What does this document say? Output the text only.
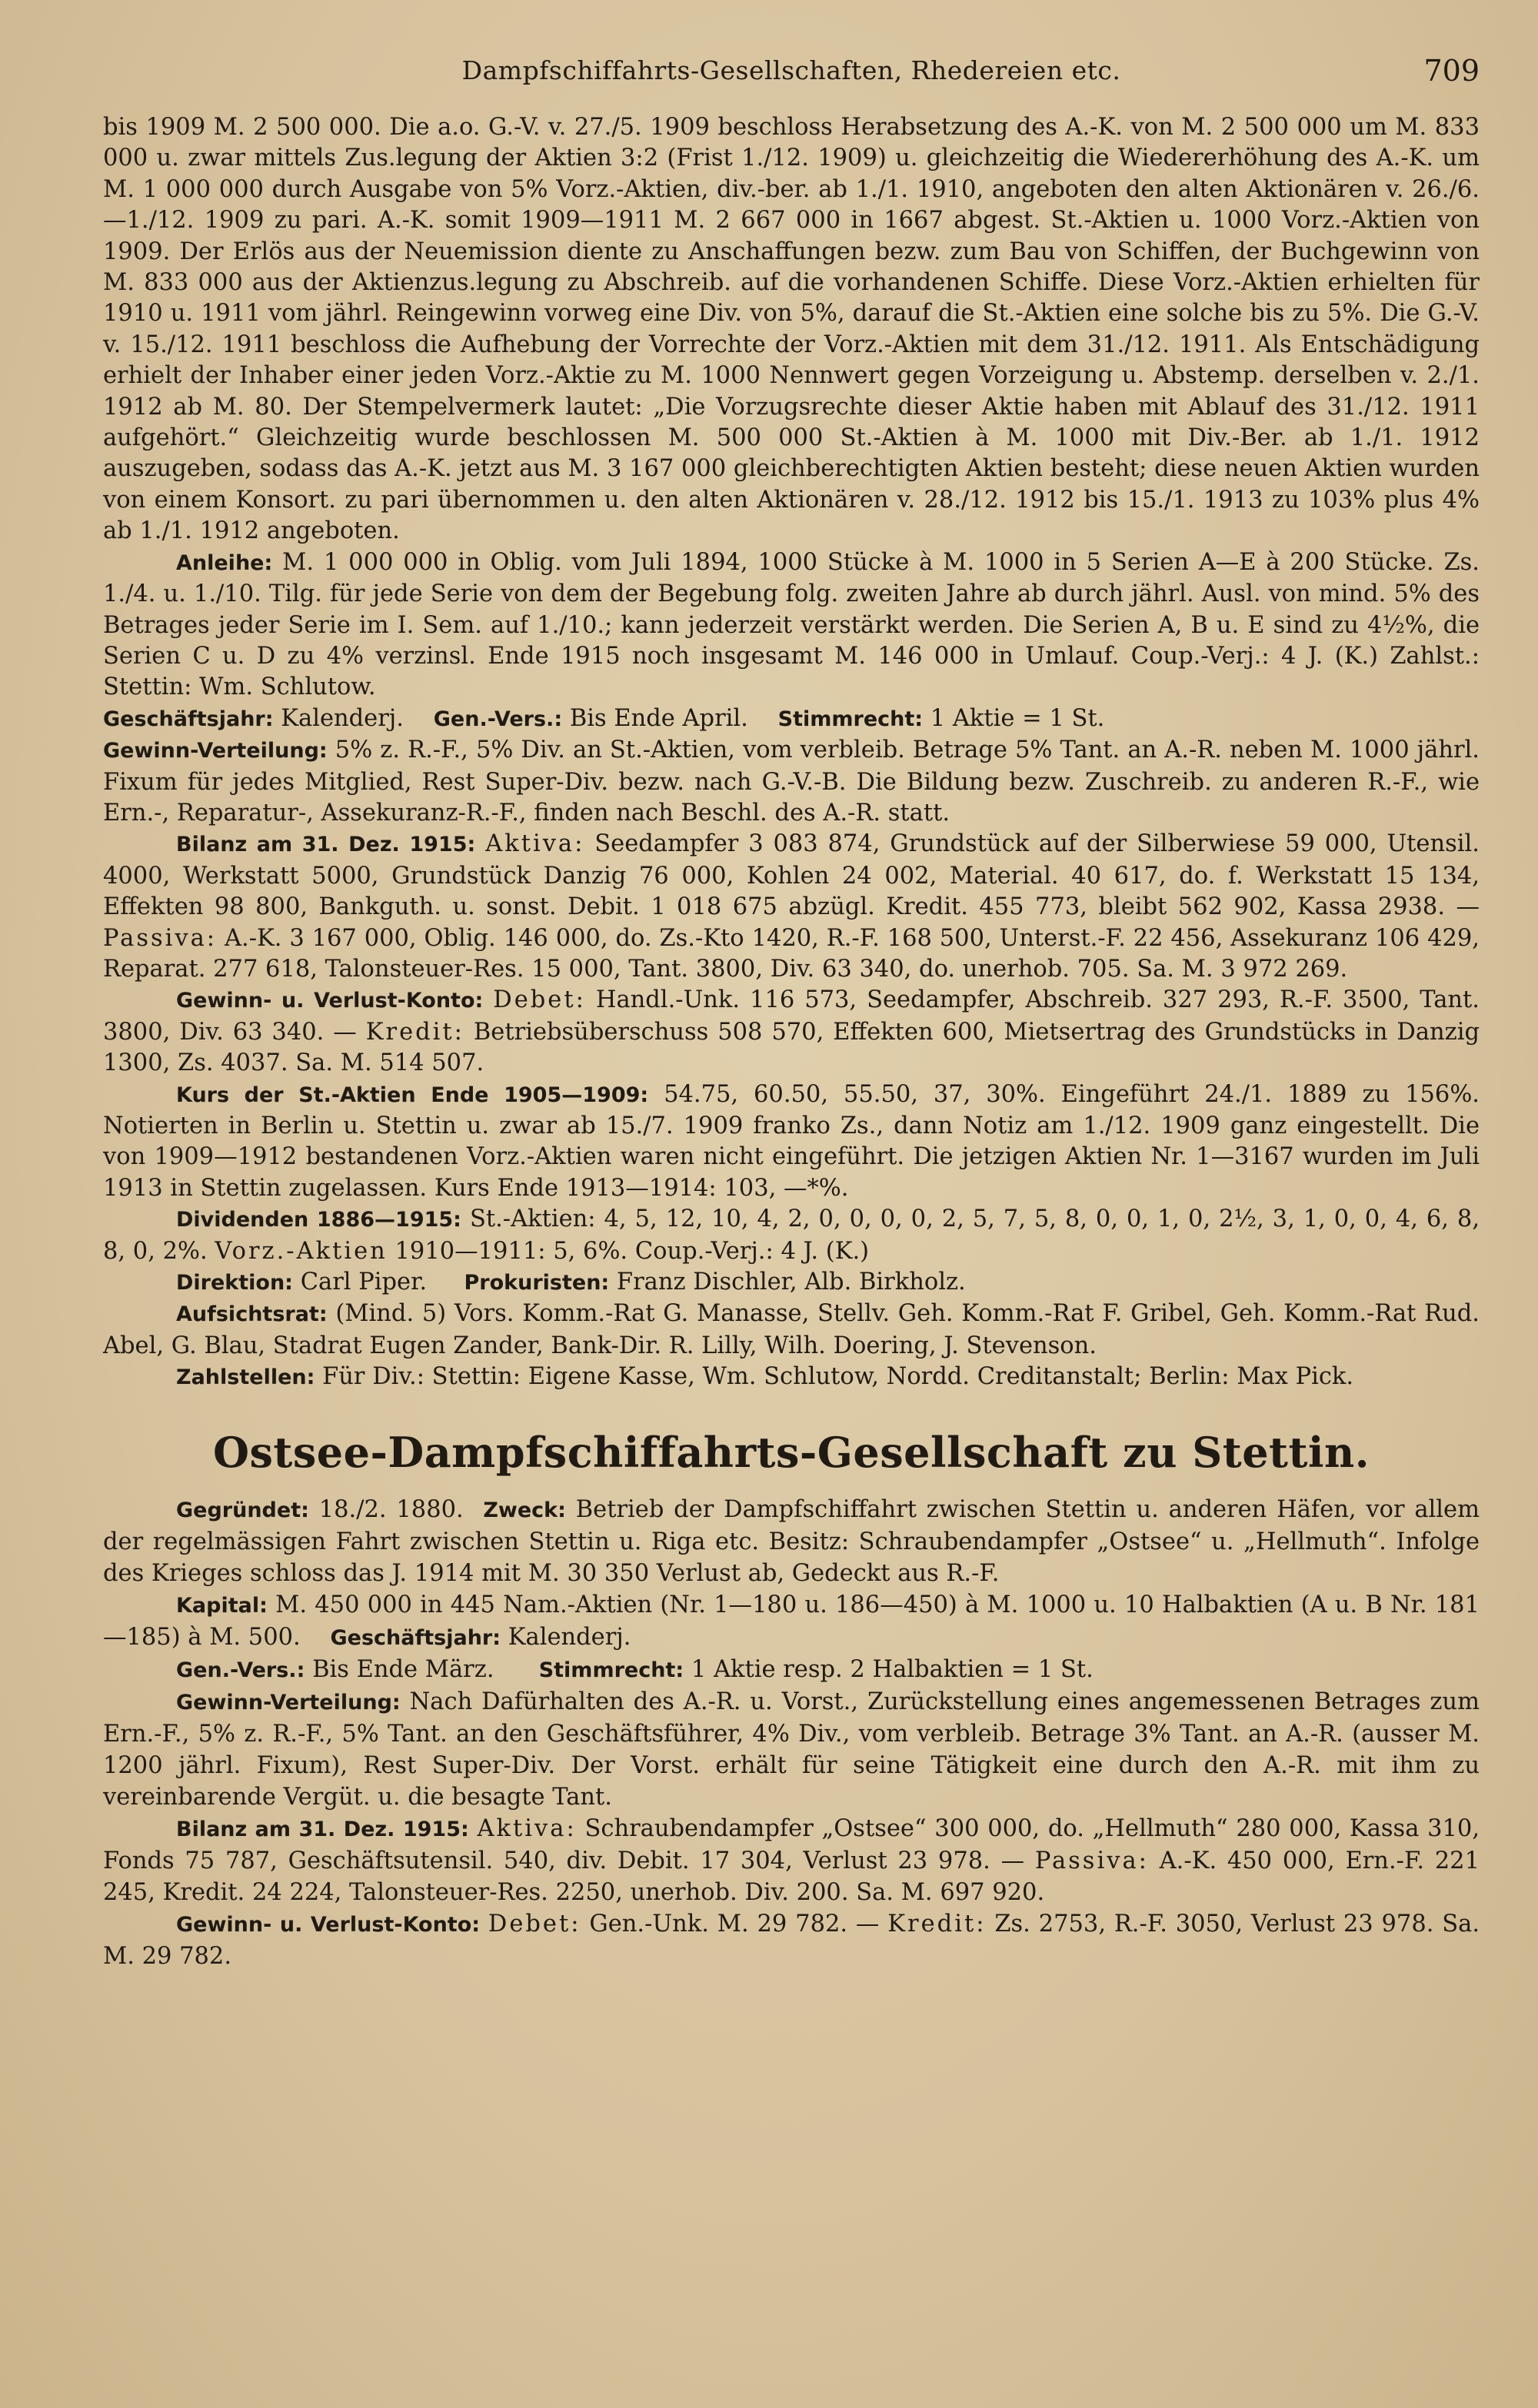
Dampfschiffahrts-Gesellschaften, Rhedereien etc.	709

bis 1909 M. 2 500 000. Die a.o. G.-V. v. 27./5. 1909 beschloss Herabsetzung des A.-K. von M. 2 500 000 um M. 833 000 u. zwar mittels Zus.legung der Aktien 3:2 (Frist 1./12. 1909) u. gleichzeitig die Wiedererhöhung des A.-K. um M. 1 000 000 durch Ausgabe von 5% Vorz.-Aktien, div.-ber. ab 1./1. 1910, angeboten den alten Aktionären v. 26./6.—1./12. 1909 zu pari. A.-K. somit 1909—1911 M. 2 667 000 in 1667 abgest. St.-Aktien u. 1000 Vorz.-Aktien von 1909. Der Erlös aus der Neuemission diente zu Anschaffungen bezw. zum Bau von Schiffen, der Buchgewinn von M. 833 000 aus der Aktienzus.legung zu Abschreib. auf die vorhandenen Schiffe. Diese Vorz.-Aktien erhielten für 1910 u. 1911 vom jährl. Reingewinn vorweg eine Div. von 5%, darauf die St.-Aktien eine solche bis zu 5%. Die G.-V. v. 15./12. 1911 beschloss die Aufhebung der Vorrechte der Vorz.-Aktien mit dem 31./12. 1911. Als Entschädigung erhielt der Inhaber einer jeden Vorz.-Aktie zu M. 1000 Nennwert gegen Vorzeigung u. Abstemp. derselben v. 2./1. 1912 ab M. 80. Der Stempelvermerk lautet: „Die Vorzugsrechte dieser Aktie haben mit Ablauf des 31./12. 1911 aufgehört.“ Gleichzeitig wurde beschlossen M. 500 000 St.-Aktien à M. 1000 mit Div.-Ber. ab 1./1. 1912 auszugeben, sodass das A.-K. jetzt aus M. 3 167 000 gleichberechtigten Aktien besteht; diese neuen Aktien wurden von einem Konsort. zu pari übernommen u. den alten Aktionären v. 28./12. 1912 bis 15./1. 1913 zu 103% plus 4% ab 1./1. 1912 angeboten.

Anleihe: M. 1 000 000 in Oblig. vom Juli 1894, 1000 Stücke à M. 1000 in 5 Serien A—E à 200 Stücke. Zs. 1./4. u. 1./10. Tilg. für jede Serie von dem der Begebung folg. zweiten Jahre ab durch jährl. Ausl. von mind. 5% des Betrages jeder Serie im I. Sem. auf 1./10.; kann jederzeit verstärkt werden. Die Serien A, B u. E sind zu 4½%, die Serien C u. D zu 4% verzinsl. Ende 1915 noch insgesamt M. 146 000 in Umlauf. Coup.-Verj.: 4 J. (K.) Zahlst.: Stettin: Wm. Schlutow.

Geschäftsjahr: Kalenderj. Gen.-Vers.: Bis Ende April. Stimmrecht: 1 Aktie = 1 St.

Gewinn-Verteilung: 5% z. R.-F., 5% Div. an St.-Aktien, vom verbleib. Betrage 5% Tant. an A.-R. neben M. 1000 jährl. Fixum für jedes Mitglied, Rest Super-Div. bezw. nach G.-V.-B. Die Bildung bezw. Zuschreib. zu anderen R.-F., wie Ern.-, Reparatur-, Assekuranz-R.-F., finden nach Beschl. des A.-R. statt.

Bilanz am 31. Dez. 1915: Aktiva: Seedampfer 3 083 874, Grundstück auf der Silberwiese 59 000, Utensil. 4000, Werkstatt 5000, Grundstück Danzig 76 000, Kohlen 24 002, Material. 40 617, do. f. Werkstatt 15 134, Effekten 98 800, Bankguth. u. sonst. Debit. 1 018 675 abzügl. Kredit. 455 773, bleibt 562 902, Kassa 2938. — Passiva: A.-K. 3 167 000, Oblig. 146 000, do. Zs.-Kto 1420, R.-F. 168 500, Unterst.-F. 22 456, Assekuranz 106 429, Reparat. 277 618, Talonsteuer-Res. 15 000, Tant. 3800, Div. 63 340, do. unerhob. 705. Sa. M. 3 972 269.

Gewinn- u. Verlust-Konto: Debet: Handl.-Unk. 116 573, Seedampfer, Abschreib. 327 293, R.-F. 3500, Tant. 3800, Div. 63 340. — Kredit: Betriebsüberschuss 508 570, Effekten 600, Mietsertrag des Grundstücks in Danzig 1300, Zs. 4037. Sa. M. 514 507.

Kurs der St.-Aktien Ende 1905—1909: 54.75, 60.50, 55.50, 37, 30%. Eingeführt 24./1. 1889 zu 156%. Notierten in Berlin u. Stettin u. zwar ab 15./7. 1909 franko Zs., dann Notiz am 1./12. 1909 ganz eingestellt. Die von 1909—1912 bestandenen Vorz.-Aktien waren nicht eingeführt. Die jetzigen Aktien Nr. 1—3167 wurden im Juli 1913 in Stettin zugelassen. Kurs Ende 1913—1914: 103, —*%.

Dividenden 1886—1915: St.-Aktien: 4, 5, 12, 10, 4, 2, 0, 0, 0, 0, 2, 5, 7, 5, 8, 0, 0, 1, 0, 2½, 3, 1, 0, 0, 4, 6, 8, 8, 0, 2%. Vorz.-Aktien 1910—1911: 5, 6%. Coup.-Verj.: 4 J. (K.)

Direktion: Carl Piper. Prokuristen: Franz Dischler, Alb. Birkholz.

Aufsichtsrat: (Mind. 5) Vors. Komm.-Rat G. Manasse, Stellv. Geh. Komm.-Rat F. Gribel, Geh. Komm.-Rat Rud. Abel, G. Blau, Stadrat Eugen Zander, Bank-Dir. R. Lilly, Wilh. Doering, J. Stevenson.

Zahlstellen: Für Div.: Stettin: Eigene Kasse, Wm. Schlutow, Nordd. Creditanstalt; Berlin: Max Pick.

Ostsee-Dampfschiffahrts-Gesellschaft zu Stettin.

Gegründet: 18./2. 1880. Zweck: Betrieb der Dampfschiffahrt zwischen Stettin u. anderen Häfen, vor allem der regelmässigen Fahrt zwischen Stettin u. Riga etc. Besitz: Schraubendampfer „Ostsee“ u. „Hellmuth“. Infolge des Krieges schloss das J. 1914 mit M. 30 350 Verlust ab, Gedeckt aus R.-F.

Kapital: M. 450 000 in 445 Nam.-Aktien (Nr. 1—180 u. 186—450) à M. 1000 u. 10 Halbaktien (A u. B Nr. 181—185) à M. 500. Geschäftsjahr: Kalenderj.

Gen.-Vers.: Bis Ende März. Stimmrecht: 1 Aktie resp. 2 Halbaktien = 1 St.

Gewinn-Verteilung: Nach Dafürhalten des A.-R. u. Vorst., Zurückstellung eines angemessenen Betrages zum Ern.-F., 5% z. R.-F., 5% Tant. an den Geschäftsführer, 4% Div., vom verbleib. Betrage 3% Tant. an A.-R. (ausser M. 1200 jährl. Fixum), Rest Super-Div. Der Vorst. erhält für seine Tätigkeit eine durch den A.-R. mit ihm zu vereinbarende Vergüt. u. die besagte Tant.

Bilanz am 31. Dez. 1915: Aktiva: Schraubendampfer „Ostsee“ 300 000, do. „Hellmuth“ 280 000, Kassa 310, Fonds 75 787, Geschäftsutensil. 540, div. Debit. 17 304, Verlust 23 978. — Passiva: A.-K. 450 000, Ern.-F. 221 245, Kredit. 24 224, Talonsteuer-Res. 2250, unerhob. Div. 200. Sa. M. 697 920.

Gewinn- u. Verlust-Konto: Debet: Gen.-Unk. M. 29 782. — Kredit: Zs. 2753, R.-F. 3050, Verlust 23 978. Sa. M. 29 782.
